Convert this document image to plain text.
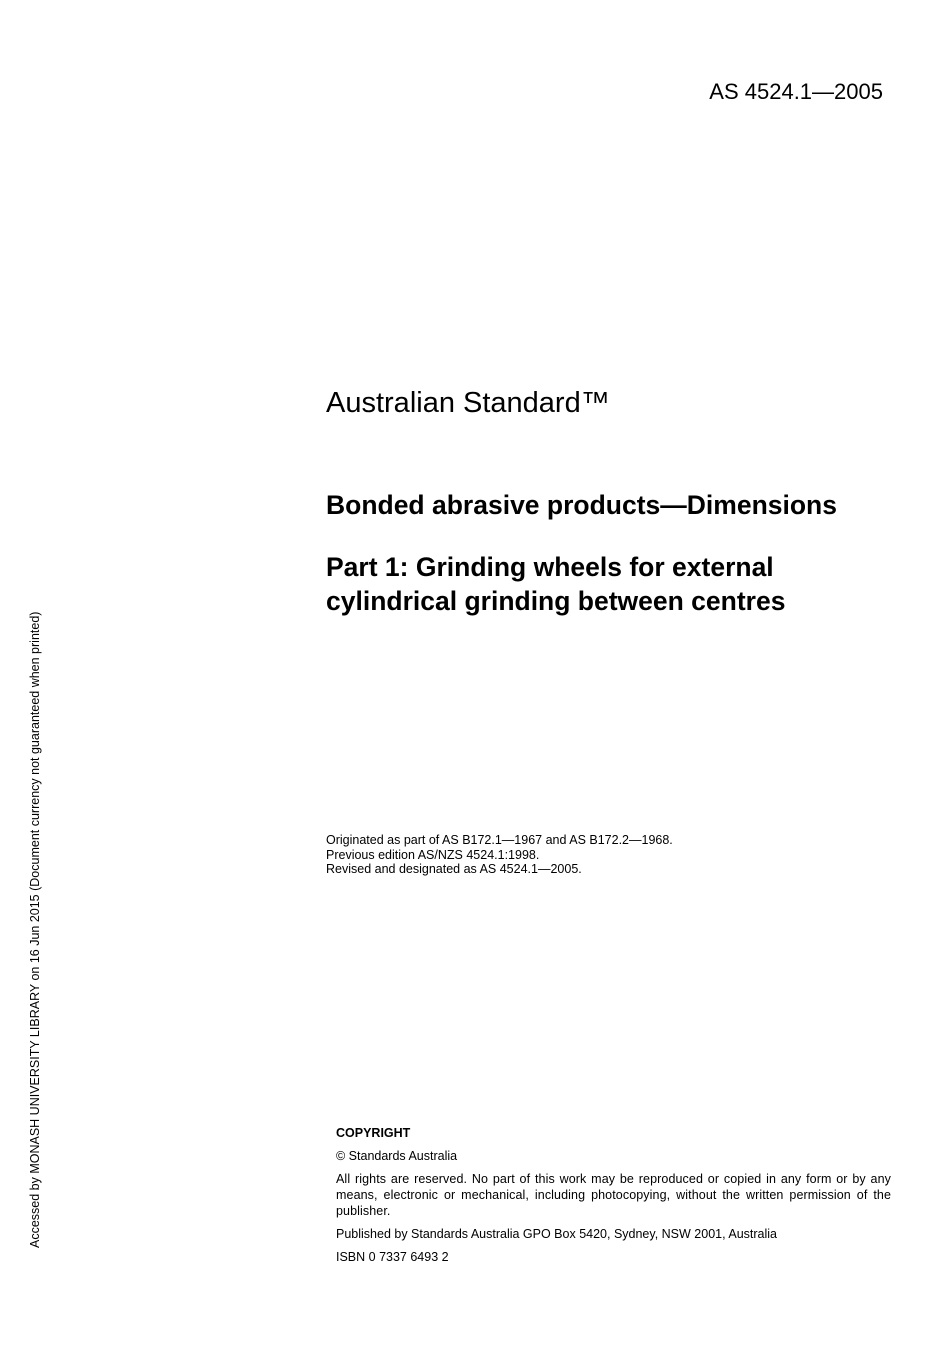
AS 4524.1—2005
Accessed by MONASH UNIVERSITY LIBRARY on 16 Jun 2015 (Document currency not guaranteed when printed)
Australian Standard™
Bonded abrasive products—Dimensions
Part 1: Grinding wheels for external
cylindrical grinding between centres
Originated as part of AS B172.1—1967 and AS B172.2—1968.
Previous edition AS/NZS 4524.1:1998.
Revised and designated as AS 4524.1—2005.
COPYRIGHT
© Standards Australia
All rights are reserved. No part of this work may be reproduced or copied in any form or by any means, electronic or mechanical, including photocopying, without the written permission of the publisher.
Published by Standards Australia GPO Box 5420, Sydney, NSW 2001, Australia
ISBN 0 7337 6493 2
